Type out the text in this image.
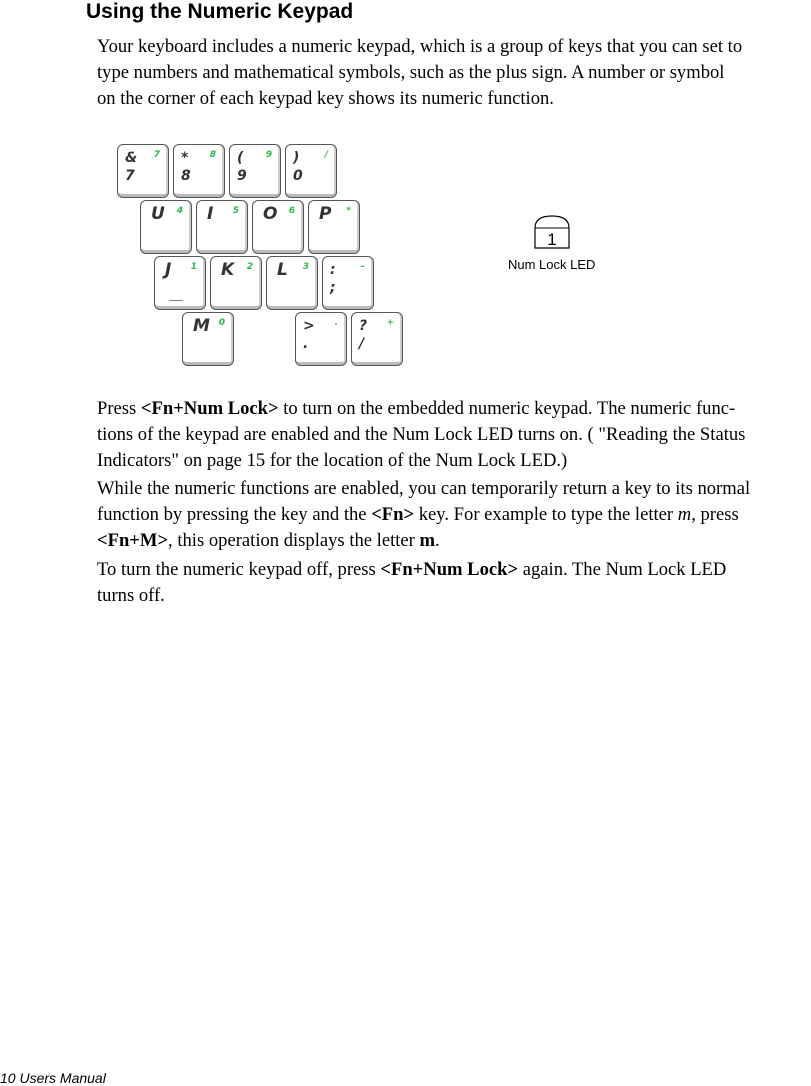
Using the Numeric Keypad

Your keyboard includes a numeric keypad, which is a group of keys that you can set to
type numbers and mathematical symbols, such as the plus sign. A number or symbol
on the corner of each keypad key shows its numeric function.

&
7
7 *
8
8 (
9
9 )
0
/
U 4 I 5 O 6 P *
J 1 K 2 L 3 :
;
–
M 0	>
.
. ?
/
+
1
Num Lock LED

Press <Fn+Num Lock> to turn on the embedded numeric keypad. The numeric func-
tions of the keypad are enabled and the Num Lock LED turns on. ( "Reading the Status
Indicators" on page 15 for the location of the Num Lock LED.)

While the numeric functions are enabled, you can temporarily return a key to its normal
function by pressing the key and the <Fn> key. For example to type the letter m, press
<Fn+M>, this operation displays the letter m.

To turn the numeric keypad off, press <Fn+Num Lock> again. The Num Lock LED
turns off.

10 Users Manual
